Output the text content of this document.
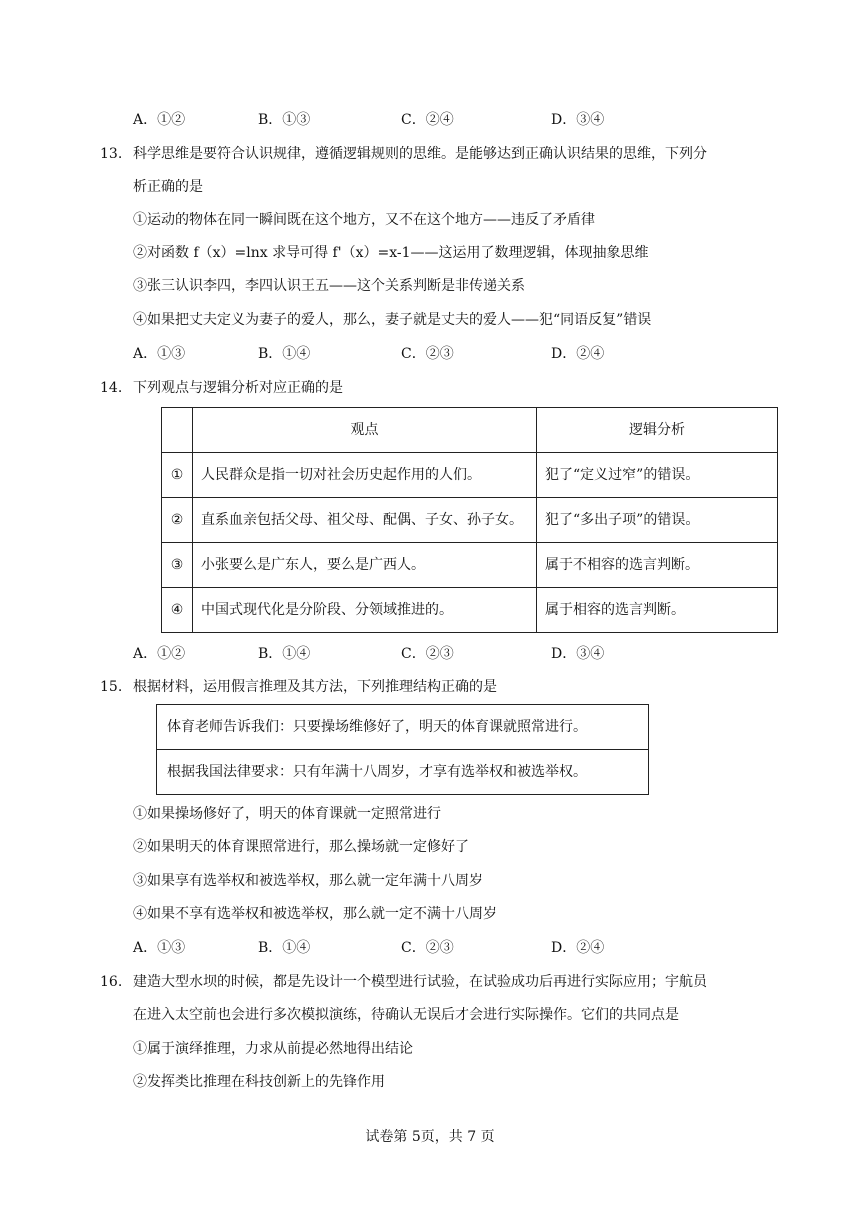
A．①②	B．①③	C．②④	D．③④
13. 科学思维是要符合认识规律，遵循逻辑规则的思维。是能够达到正确认识结果的思维，下列分
析正确的是
①运动的物体在同一瞬间既在这个地方，又不在这个地方——违反了矛盾律
②对函数 f（x）=lnx 求导可得 f'（x）=x-1——这运用了数理逻辑，体现抽象思维
③张三认识李四，李四认识王五——这个关系判断是非传递关系
④如果把丈夫定义为妻子的爱人，那么，妻子就是丈夫的爱人——犯“同语反复”错误
A．①③	B．①④	C．②③	D．②④
14. 下列观点与逻辑分析对应正确的是
	观点	逻辑分析
①	人民群众是指一切对社会历史起作用的人们。	犯了“定义过窄”的错误。
②	直系血亲包括父母、祖父母、配偶、子女、孙子女。	犯了“多出子项”的错误。
③	小张要么是广东人，要么是广西人。	属于不相容的选言判断。
④	中国式现代化是分阶段、分领域推进的。	属于相容的选言判断。
A．①②	B．①④	C．②③	D．③④
15. 根据材料，运用假言推理及其方法，下列推理结构正确的是
体育老师告诉我们：只要操场维修好了，明天的体育课就照常进行。
根据我国法律要求：只有年满十八周岁，才享有选举权和被选举权。
①如果操场修好了，明天的体育课就一定照常进行
②如果明天的体育课照常进行，那么操场就一定修好了
③如果享有选举权和被选举权，那么就一定年满十八周岁
④如果不享有选举权和被选举权，那么就一定不满十八周岁
A．①③	B．①④	C．②③	D．②④
16. 建造大型水坝的时候，都是先设计一个模型进行试验，在试验成功后再进行实际应用；宇航员
在进入太空前也会进行多次模拟演练，待确认无误后才会进行实际操作。它们的共同点是
①属于演绎推理，力求从前提必然地得出结论
②发挥类比推理在科技创新上的先锋作用
试卷第 5页，共 7 页
